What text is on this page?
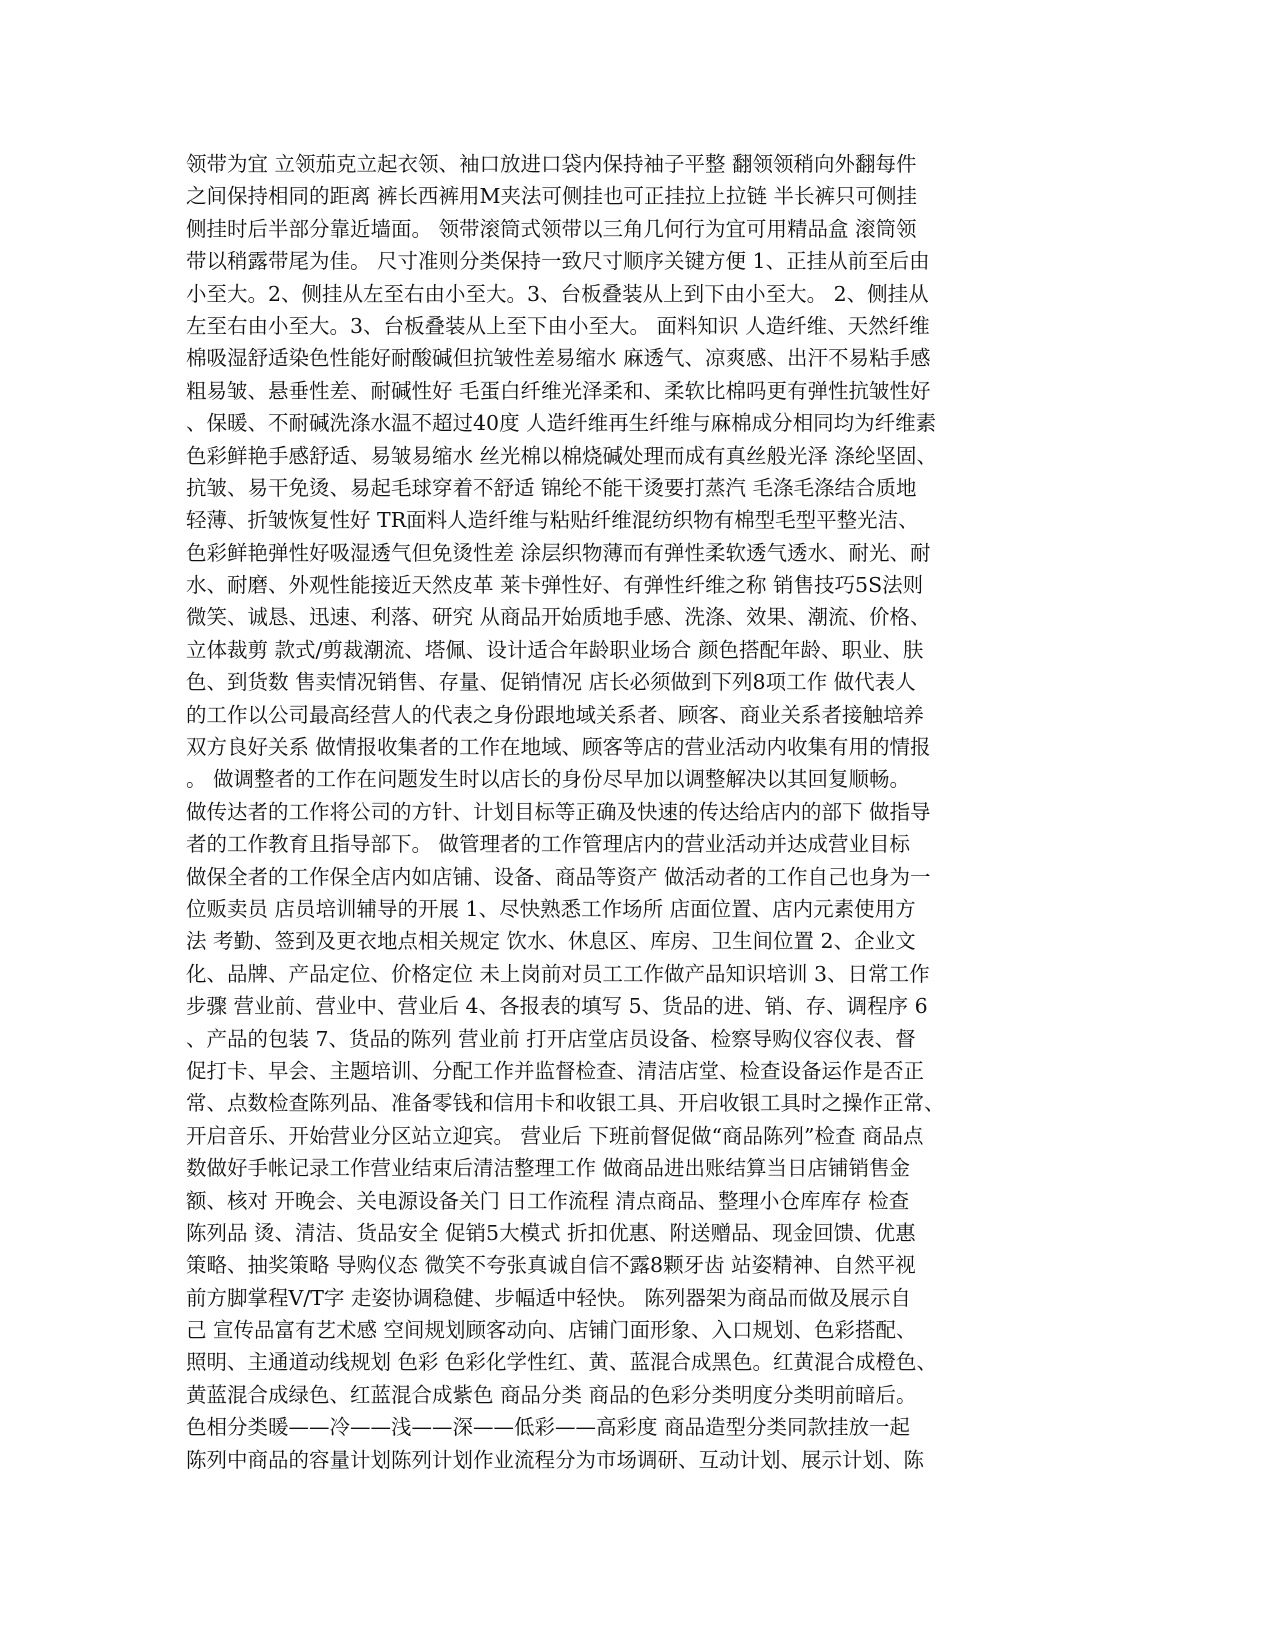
领带为宜 立领茄克立起衣领、袖口放进口袋内保持袖子平整 翻领领稍向外翻每件
之间保持相同的距离 裤长西裤用M夹法可侧挂也可正挂拉上拉链 半长裤只可侧挂
侧挂时后半部分靠近墙面。 领带滚筒式领带以三角几何行为宜可用精品盒 滚筒领
带以稍露带尾为佳。 尺寸准则分类保持一致尺寸顺序关键方便 1、正挂从前至后由
小至大。2、侧挂从左至右由小至大。3、台板叠装从上到下由小至大。 2、侧挂从
左至右由小至大。3、台板叠装从上至下由小至大。 面料知识 人造纤维、天然纤维
棉吸湿舒适染色性能好耐酸碱但抗皱性差易缩水 麻透气、凉爽感、出汗不易粘手感
粗易皱、悬垂性差、耐碱性好 毛蛋白纤维光泽柔和、柔软比棉吗更有弹性抗皱性好
、保暖、不耐碱洗涤水温不超过40度 人造纤维再生纤维与麻棉成分相同均为纤维素
色彩鲜艳手感舒适、易皱易缩水 丝光棉以棉烧碱处理而成有真丝般光泽 涤纶坚固、
抗皱、易干免烫、易起毛球穿着不舒适 锦纶不能干烫要打蒸汽 毛涤毛涤结合质地
轻薄、折皱恢复性好 TR面料人造纤维与粘贴纤维混纺织物有棉型毛型平整光洁、
色彩鲜艳弹性好吸湿透气但免烫性差 涂层织物薄而有弹性柔软透气透水、耐光、耐
水、耐磨、外观性能接近天然皮革 莱卡弹性好、有弹性纤维之称 销售技巧5S法则
微笑、诚恳、迅速、利落、研究 从商品开始质地手感、洗涤、效果、潮流、价格、
立体裁剪 款式/剪裁潮流、塔佩、设计适合年龄职业场合 颜色搭配年龄、职业、肤
色、到货数 售卖情况销售、存量、促销情况 店长必须做到下列8项工作 做代表人
的工作以公司最高经营人的代表之身份跟地域关系者、顾客、商业关系者接触培养
双方良好关系 做情报收集者的工作在地域、顾客等店的营业活动内收集有用的情报
。 做调整者的工作在问题发生时以店长的身份尽早加以调整解决以其回复顺畅。
做传达者的工作将公司的方针、计划目标等正确及快速的传达给店内的部下 做指导
者的工作教育且指导部下。 做管理者的工作管理店内的营业活动并达成营业目标
做保全者的工作保全店内如店铺、设备、商品等资产 做活动者的工作自己也身为一
位贩卖员 店员培训辅导的开展 1、尽快熟悉工作场所 店面位置、店内元素使用方
法 考勤、签到及更衣地点相关规定 饮水、休息区、库房、卫生间位置 2、企业文
化、品牌、产品定位、价格定位 未上岗前对员工工作做产品知识培训 3、日常工作
步骤 营业前、营业中、营业后 4、各报表的填写 5、货品的进、销、存、调程序 6
、产品的包装 7、货品的陈列 营业前 打开店堂店员设备、检察导购仪容仪表、督
促打卡、早会、主题培训、分配工作并监督检查、清洁店堂、检查设备运作是否正
常、点数检查陈列品、准备零钱和信用卡和收银工具、开启收银工具时之操作正常、
开启音乐、开始营业分区站立迎宾。 营业后 下班前督促做“商品陈列”检查 商品点
数做好手帐记录工作营业结束后清洁整理工作 做商品进出账结算当日店铺销售金
额、核对 开晚会、关电源设备关门 日工作流程 清点商品、整理小仓库库存 检查
陈列品 烫、清洁、货品安全 促销5大模式 折扣优惠、附送赠品、现金回馈、优惠
策略、抽奖策略 导购仪态 微笑不夸张真诚自信不露8颗牙齿 站姿精神、自然平视
前方脚掌程V/T字 走姿协调稳健、步幅适中轻快。 陈列器架为商品而做及展示自
己 宣传品富有艺术感 空间规划顾客动向、店铺门面形象、入口规划、色彩搭配、
照明、主通道动线规划 色彩 色彩化学性红、黄、蓝混合成黑色。红黄混合成橙色、
黄蓝混合成绿色、红蓝混合成紫色 商品分类 商品的色彩分类明度分类明前暗后。
色相分类暖——冷——浅——深——低彩——高彩度 商品造型分类同款挂放一起
陈列中商品的容量计划陈列计划作业流程分为市场调研、互动计划、展示计划、陈
